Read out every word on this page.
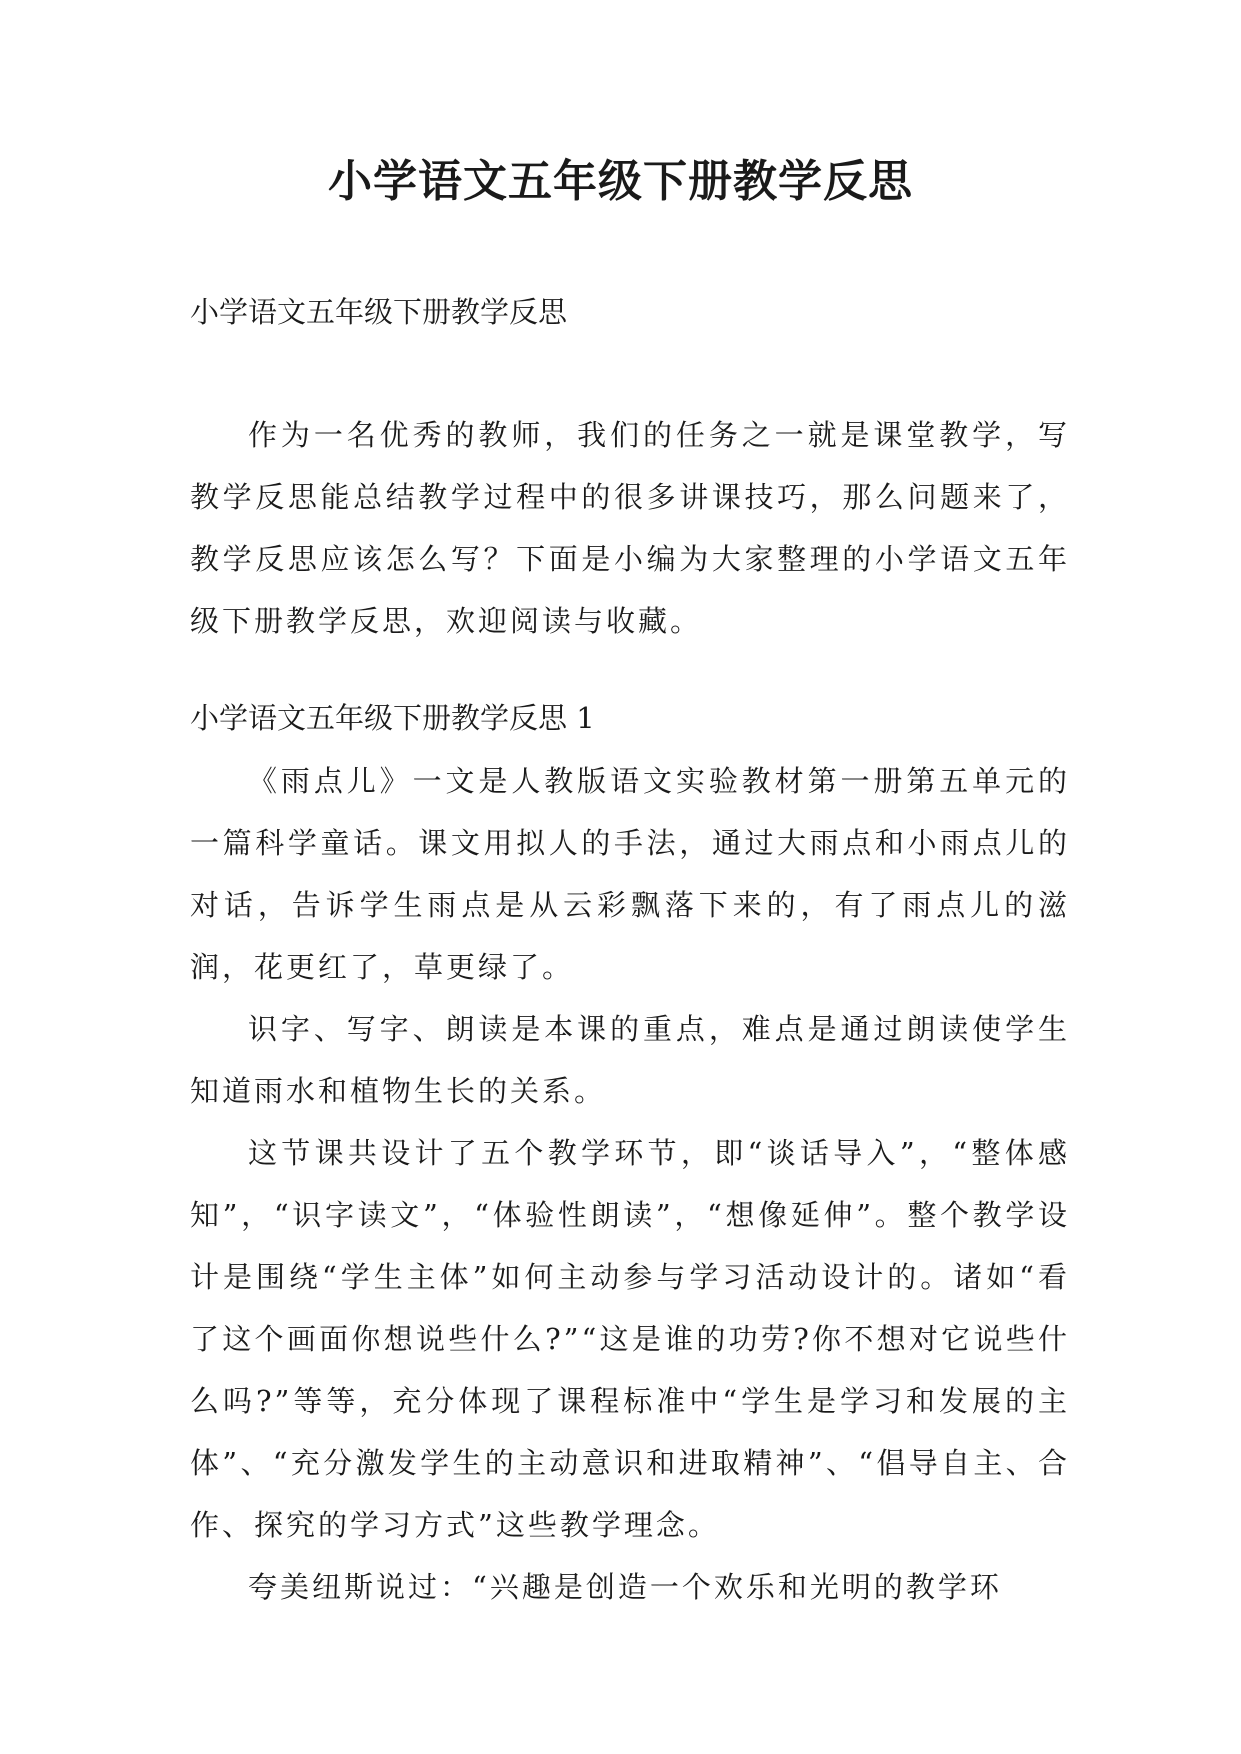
小学语文五年级下册教学反思
小学语文五年级下册教学反思

作为一名优秀的教师，我们的任务之一就是课堂教学，写教学反思能总结教学过程中的很多讲课技巧，那么问题来了，教学反思应该怎么写？下面是小编为大家整理的小学语文五年级下册教学反思，欢迎阅读与收藏。

小学语文五年级下册教学反思 1

《雨点儿》一文是人教版语文实验教材第一册第五单元的一篇科学童话。课文用拟人的手法，通过大雨点和小雨点儿的对话，告诉学生雨点是从云彩飘落下来的，有了雨点儿的滋润，花更红了，草更绿了。

识字、写字、朗读是本课的重点，难点是通过朗读使学生知道雨水和植物生长的关系。

这节课共设计了五个教学环节，即“谈话导入”，“整体感知”，“识字读文”，“体验性朗读”，“想像延伸”。整个教学设计是围绕“学生主体”如何主动参与学习活动设计的。诸如“看了这个画面你想说些什么?”“这是谁的功劳?你不想对它说些什么吗?”等等，充分体现了课程标准中“学生是学习和发展的主体”、“充分激发学生的主动意识和进取精神”、“倡导自主、合作、探究的学习方式”这些教学理念。

夸美纽斯说过：“兴趣是创造一个欢乐和光明的教学环
